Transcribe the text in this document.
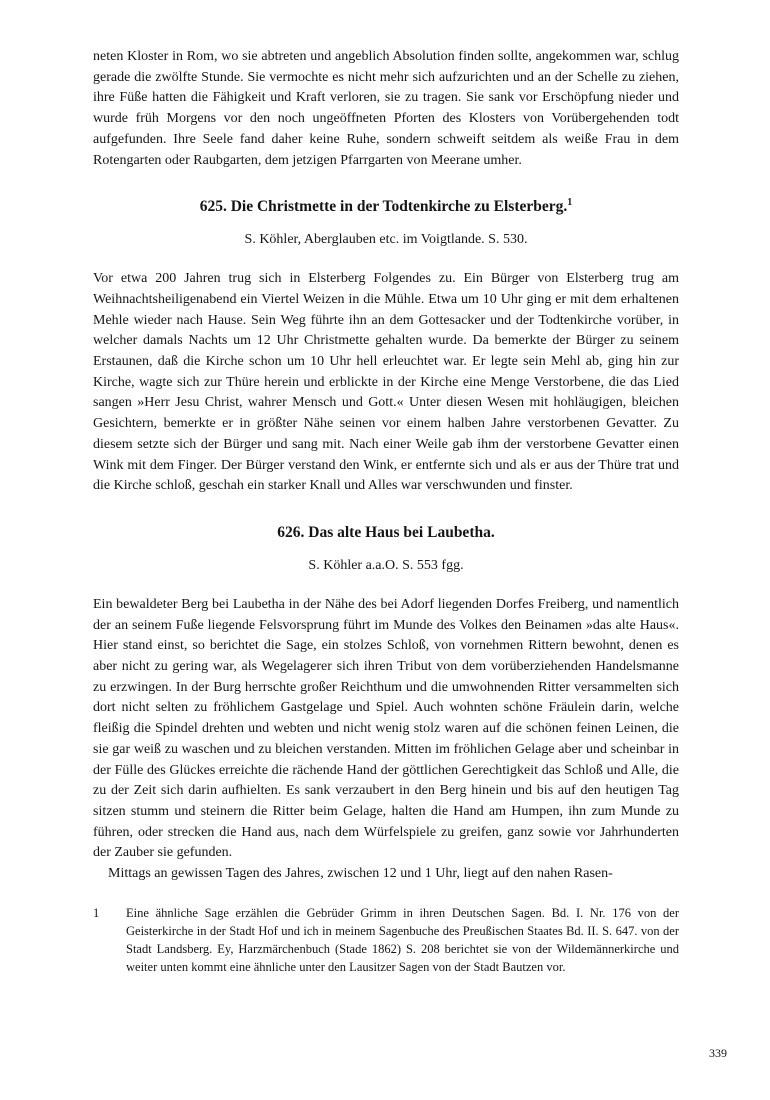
neten Kloster in Rom, wo sie abtreten und angeblich Absolution finden sollte, angekommen war, schlug gerade die zwölfte Stunde. Sie vermochte es nicht mehr sich aufzurichten und an der Schelle zu ziehen, ihre Füße hatten die Fähigkeit und Kraft verloren, sie zu tragen. Sie sank vor Erschöpfung nieder und wurde früh Morgens vor den noch ungeöffneten Pforten des Klosters von Vorübergehenden todt aufgefunden. Ihre Seele fand daher keine Ruhe, sondern schweift seitdem als weiße Frau in dem Rotengarten oder Raubgarten, dem jetzigen Pfarrgarten von Meerane umher.

625. Die Christmette in der Todtenkirche zu Elsterberg.$^1$

S. Köhler, Aberglauben etc. im Voigtlande. S. 530.

Vor etwa 200 Jahren trug sich in Elsterberg Folgendes zu. Ein Bürger von Elsterberg trug am Weihnachtsheiligenabend ein Viertel Weizen in die Mühle. Etwa um 10 Uhr ging er mit dem erhaltenen Mehle wieder nach Hause. Sein Weg führte ihn an dem Gottesacker und der Todtenkirche vorüber, in welcher damals Nachts um 12 Uhr Christmette gehalten wurde. Da bemerkte der Bürger zu seinem Erstaunen, daß die Kirche schon um 10 Uhr hell erleuchtet war. Er legte sein Mehl ab, ging hin zur Kirche, wagte sich zur Thüre herein und erblickte in der Kirche eine Menge Verstorbene, die das Lied sangen »Herr Jesu Christ, wahrer Mensch und Gott.« Unter diesen Wesen mit hohläugigen, bleichen Gesichtern, bemerkte er in größter Nähe seinen vor einem halben Jahre verstorbenen Gevatter. Zu diesem setzte sich der Bürger und sang mit. Nach einer Weile gab ihm der verstorbene Gevatter einen Wink mit dem Finger. Der Bürger verstand den Wink, er entfernte sich und als er aus der Thüre trat und die Kirche schloß, geschah ein starker Knall und Alles war verschwunden und finster.

626. Das alte Haus bei Laubetha.

S. Köhler a.a.O. S. 553 fgg.

Ein bewaldeter Berg bei Laubetha in der Nähe des bei Adorf liegenden Dorfes Freiberg, und namentlich der an seinem Fuße liegende Felsvorsprung führt im Munde des Volkes den Beinamen »das alte Haus«. Hier stand einst, so berichtet die Sage, ein stolzes Schloß, von vornehmen Rittern bewohnt, denen es aber nicht zu gering war, als Wegelagerer sich ihren Tribut von dem vorüberziehenden Handelsmanne zu erzwingen. In der Burg herrschte großer Reichthum und die umwohnenden Ritter versammelten sich dort nicht selten zu fröhlichem Gastgelage und Spiel. Auch wohnten schöne Fräulein darin, welche fleißig die Spindel drehten und webten und nicht wenig stolz waren auf die schönen feinen Leinen, die sie gar weiß zu waschen und zu bleichen verstanden. Mitten im fröhlichen Gelage aber und scheinbar in der Fülle des Glückes erreichte die rächende Hand der göttlichen Gerechtigkeit das Schloß und Alle, die zu der Zeit sich darin aufhielten. Es sank verzaubert in den Berg hinein und bis auf den heutigen Tag sitzen stumm und steinern die Ritter beim Gelage, halten die Hand am Humpen, ihn zum Munde zu führen, oder strecken die Hand aus, nach dem Würfelspiele zu greifen, ganz sowie vor Jahrhunderten der Zauber sie gefunden.

Mittags an gewissen Tagen des Jahres, zwischen 12 und 1 Uhr, liegt auf den nahen Rasen-

1	Eine ähnliche Sage erzählen die Gebrüder Grimm in ihren Deutschen Sagen. Bd. I. Nr. 176 von der Geisterkirche in der Stadt Hof und ich in meinem Sagenbuche des Preußischen Staates Bd. II. S. 647. von der Stadt Landsberg. Ey, Harzmärchenbuch (Stade 1862) S. 208 berichtet sie von der Wildemännerkirche und weiter unten kommt eine ähnliche unter den Lausitzer Sagen von der Stadt Bautzen vor.

339
